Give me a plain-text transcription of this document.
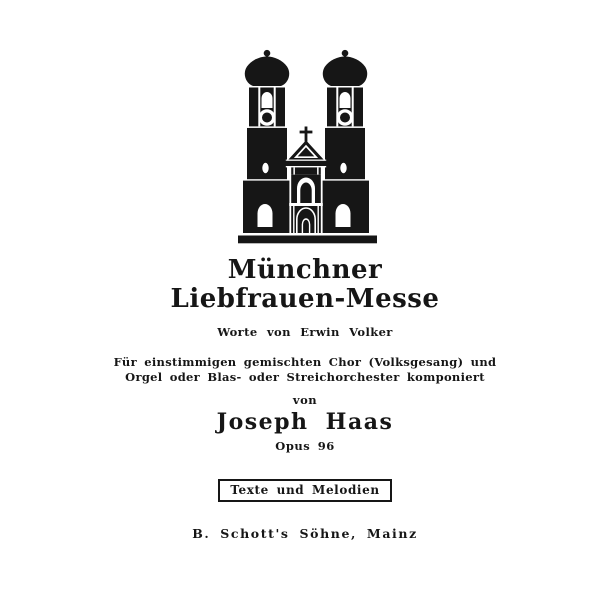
Münchner
Liebfrauen-Messe
Worte von Erwin Volker
Für einstimmigen gemischten Chor (Volksgesang) und
Orgel oder Blas- oder Streichorchester komponiert
von
Joseph Haas
Opus 96
Texte und Melodien
B. Schott's Söhne, Mainz
